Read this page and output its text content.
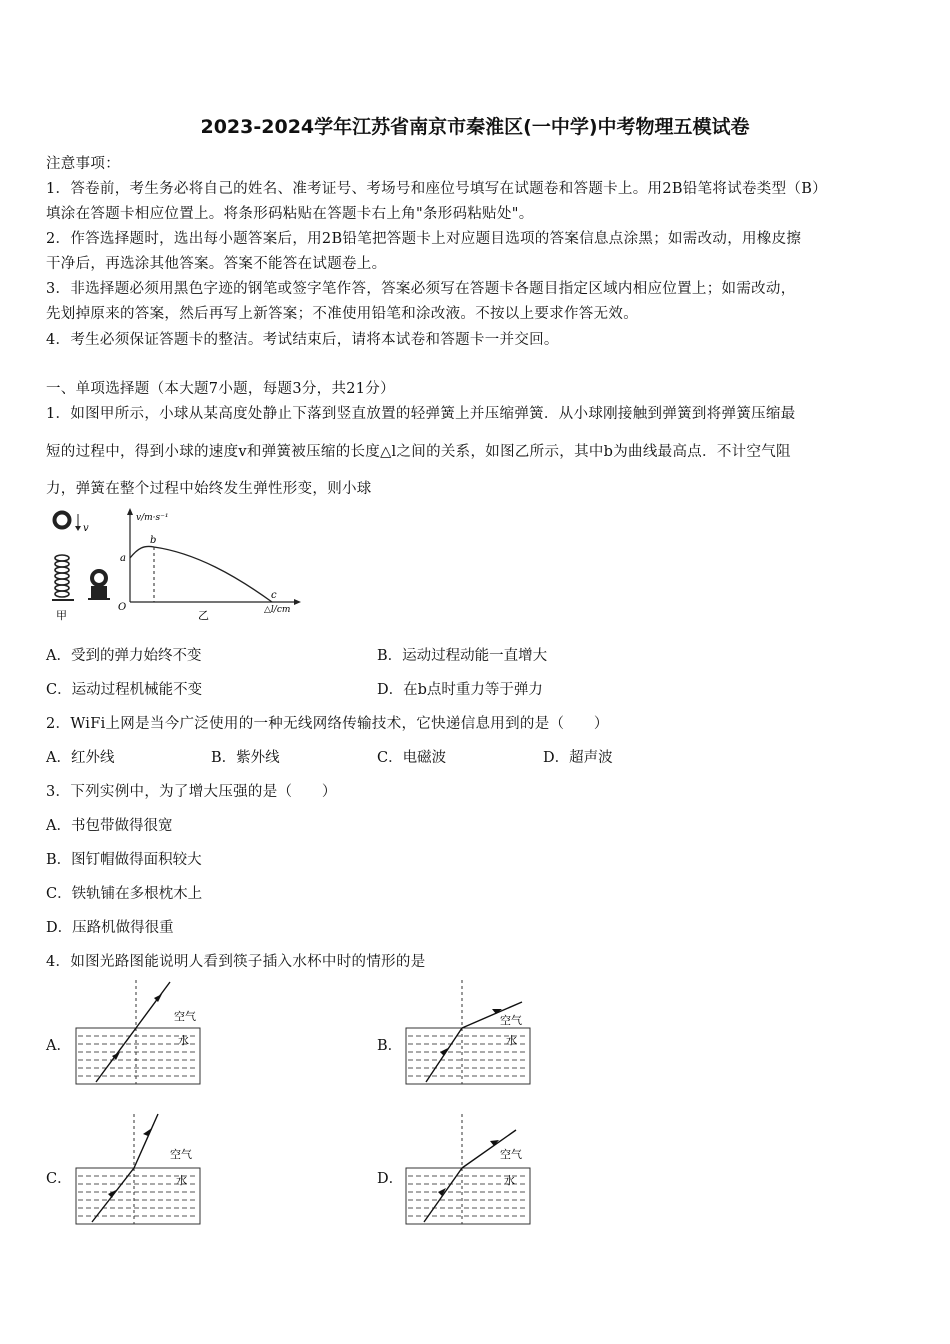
2023-2024学年江苏省南京市秦淮区(一中学)中考物理五模试卷
注意事项：
1．答卷前，考生务必将自己的姓名、准考证号、考场号和座位号填写在试题卷和答题卡上。用2B铅笔将试卷类型（B）
填涂在答题卡相应位置上。将条形码粘贴在答题卡右上角"条形码粘贴处"。
2．作答选择题时，选出每小题答案后，用2B铅笔把答题卡上对应题目选项的答案信息点涂黑；如需改动，用橡皮擦
干净后，再选涂其他答案。答案不能答在试题卷上。
3．非选择题必须用黑色字迹的钢笔或签字笔作答，答案必须写在答题卡各题目指定区域内相应位置上；如需改动，
先划掉原来的答案，然后再写上新答案；不准使用铅笔和涂改液。不按以上要求作答无效。
4．考生必须保证答题卡的整洁。考试结束后，请将本试卷和答题卡一并交回。
一、单项选择题（本大题7小题，每题3分，共21分）
1．如图甲所示，小球从某高度处静止下落到竖直放置的轻弹簧上并压缩弹簧．从小球刚接触到弹簧到将弹簧压缩最
短的过程中，得到小球的速度v和弹簧被压缩的长度△l之间的关系，如图乙所示，其中b为曲线最高点．不计空气阻
力，弹簧在整个过程中始终发生弹性形变，则小球
v
甲
v/m·s⁻¹
△l/cm
O
a
b
c
乙
A．受到的弹力始终不变	B．运动过程动能一直增大
C．运动过程机械能不变	D．在b点时重力等于弹力
2．WiFi上网是当今广泛使用的一种无线网络传输技术，它快递信息用到的是（　　）
A．红外线	B．紫外线	C．电磁波	D．超声波
3．下列实例中，为了增大压强的是（　　）
A．书包带做得很宽
B．图钉帽做得面积较大
C．铁轨铺在多根枕木上
D．压路机做得很重
4．如图光路图能说明人看到筷子插入水杯中时的情形的是
A．	B．
C．	D．
空气
水
空气
水
空气
水
空气
水
